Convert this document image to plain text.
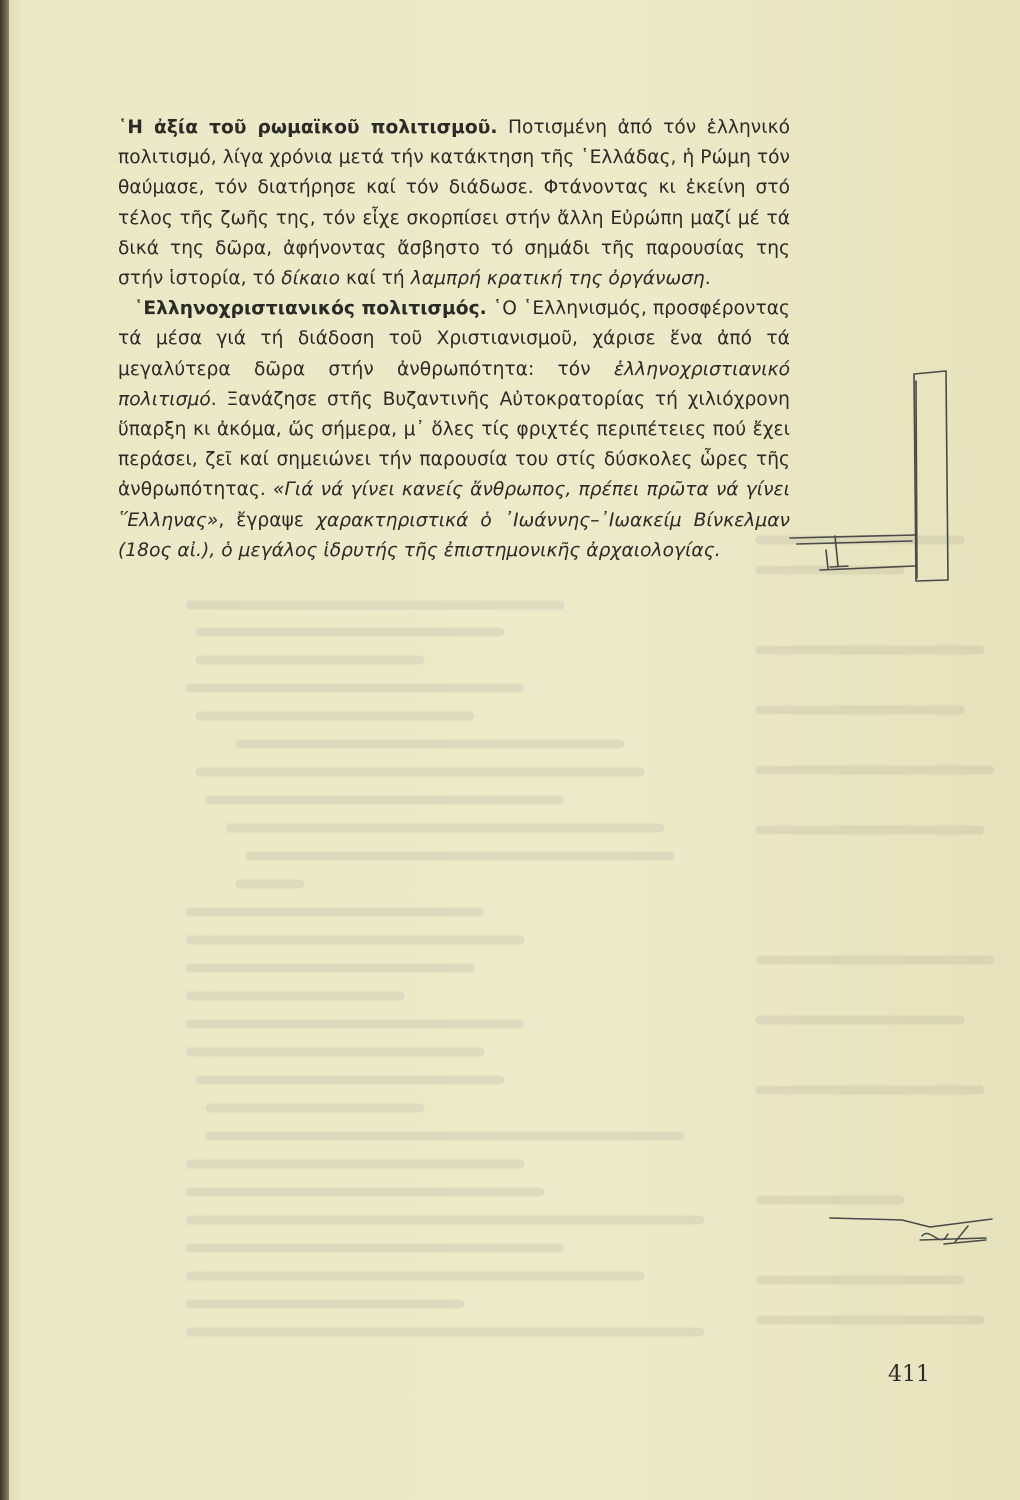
῾Η ἀξία τοῦ ρωμαϊκοῦ πολιτισμοῦ. Ποτισμένη ἀπό τόν ἑλληνικό πολιτισμό, λίγα χρόνια μετά τήν κατάκτηση τῆς ῾Ελλάδας, ἡ Ρώμη τόν θαύμασε, τόν διατήρησε καί τόν διάδωσε. Φτάνοντας κι ἐκείνη στό τέλος τῆς ζωῆς της, τόν εἶχε σκορπίσει στήν ἄλλη Εὐρώπη μαζί μέ τά δικά της δῶρα, ἀφήνοντας ἄσβηστο τό σημάδι τῆς παρουσίας της στήν ἱστορία, τό δίκαιο καί τή λαμπρή κρατική της ὀργάνωση.

῾Ελληνοχριστιανικός πολιτισμός. ῾Ο ῾Ελληνισμός, προσφέροντας τά μέσα γιά τή διάδοση τοῦ Χριστιανισμοῦ, χάρισε ἕνα ἀπό τά μεγαλύτερα δῶρα στήν ἀνθρωπότητα: τόν ἑλληνοχριστιανικό πολιτισμό. Ξανάζησε στῆς Βυζαντινῆς Αὐτοκρατορίας τή χιλιόχρονη ὕπαρξη κι ἀκόμα, ὥς σήμερα, μ᾽ ὅλες τίς φριχτές περιπέτειες πού ἔχει περάσει, ζεῖ καί σημειώνει τήν παρουσία του στίς δύσκολες ὧρες τῆς ἀνθρωπότητας. «Γιά νά γίνει κανείς ἄνθρωπος, πρέπει πρῶτα νά γίνει ῞Ελληνας», ἔγραψε χαρακτηριστικά ὁ ᾽Ιωάννης–᾽Ιωακείμ Βίνκελμαν (18ος αἰ.), ὁ μεγάλος ἱδρυτής τῆς ἐπιστημονικῆς ἀρχαιολογίας.

411
